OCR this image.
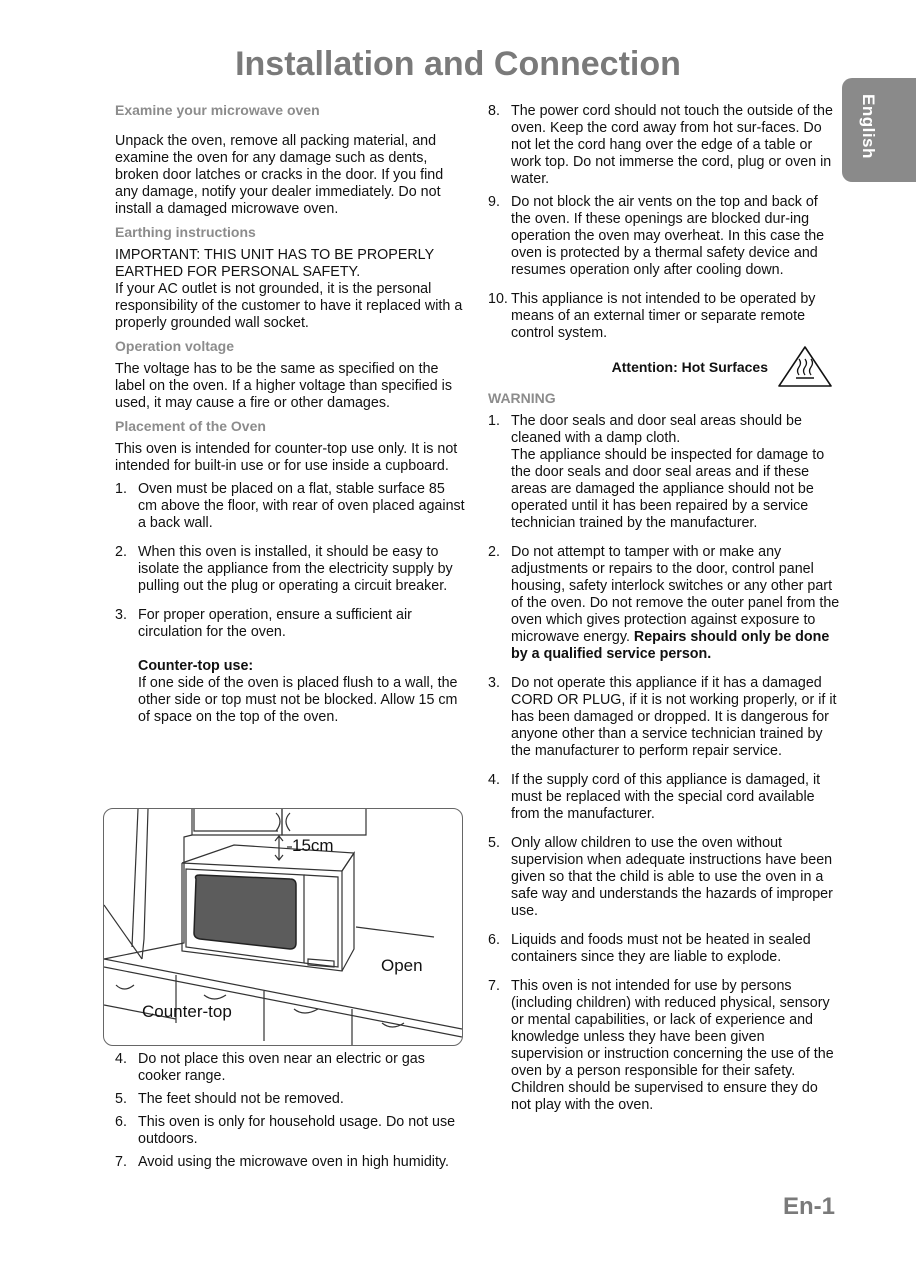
Installation and Connection
English

Examine your microwave oven

Unpack the oven, remove all packing material, and examine the oven for any damage such as dents, broken door latches or cracks in the door. If you find any damage, notify your dealer immediately. Do not install a damaged microwave oven.

Earthing instructions

IMPORTANT: THIS UNIT HAS TO BE PROPERLY EARTHED FOR PERSONAL SAFETY.

If your AC outlet is not grounded, it is the personal responsibility of the customer to have it replaced with a properly grounded wall socket.

Operation voltage

The voltage has to be the same as specified on the label on the oven. If a higher voltage than specified is used, it may cause a fire or other damages.

Placement of the Oven

This oven is intended for counter-top use only. It is not intended for built-in use or for use inside a cupboard.

1. Oven must be placed on a flat, stable surface 85 cm above the floor, with rear of oven placed against a back wall.
2. When this oven is installed, it should be easy to isolate the appliance from the electricity supply by pulling out the plug or operating a circuit breaker.
3. For proper operation, ensure a sufficient air circulation for the oven.
Counter-top use:
If one side of the oven is placed flush to a wall, the other side or top must not be blocked. Allow 15 cm of space on the top of the oven.
15cm
Open
Counter-top
4. Do not place this oven near an electric or gas cooker range.
5. The feet should not be removed.
6. This oven is only for household usage. Do not use outdoors.
7. Avoid using the microwave oven in high humidity.
8. The power cord should not touch the outside of the oven. Keep the cord away from hot sur-faces. Do not let the cord hang over the edge of a table or work top. Do not immerse the cord, plug or oven in water.
9. Do not block the air vents on the top and back of the oven. If these openings are blocked dur-ing operation the oven may overheat. In this case the oven is protected by a thermal safety device and resumes operation only after cooling down.
10. This appliance is not intended to be operated by means of an external timer or separate remote control system.
Attention: Hot Surfaces

WARNING

1. The door seals and door seal areas should be cleaned with a damp cloth.
The appliance should be inspected for damage to the door seals and door seal areas and if these areas are damaged the appliance should not be operated until it has been repaired by a service technician trained by the manufacturer.
2. Do not attempt to tamper with or make any adjustments or repairs to the door, control panel housing, safety interlock switches or any other part of the oven. Do not remove the outer panel from the oven which gives protection against exposure to microwave energy. Repairs should only be done by a qualified service person.
3. Do not operate this appliance if it has a damaged CORD OR PLUG, if it is not working properly, or if it has been damaged or dropped. It is dangerous for anyone other than a service technician trained by the manufacturer to perform repair service.
4. If the supply cord of this appliance is damaged, it must be replaced with the special cord available from the manufacturer.
5. Only allow children to use the oven without supervision when adequate instructions have been given so that the child is able to use the oven in a safe way and understands the hazards of improper use.
6. Liquids and foods must not be heated in sealed containers since they are liable to explode.
7. This oven is not intended for use by persons (including children) with reduced physical, sensory or mental capabilities, or lack of experience and knowledge unless they have been given supervision or instruction concerning the use of the oven by a person responsible for their safety. Children should be supervised to ensure they do not play with the oven.
En-1
